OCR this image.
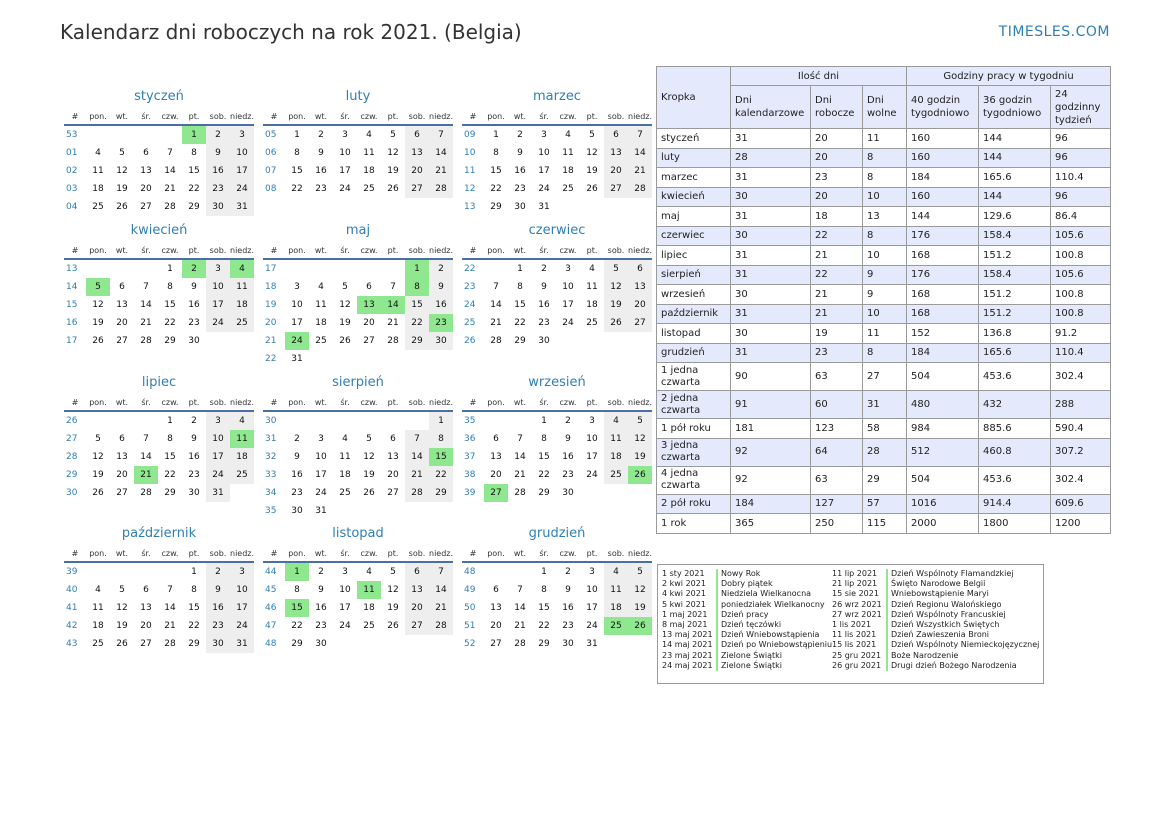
Kalendarz dni roboczych na rok 2021. (Belgia)	TIMESLES.COM
styczeń
#	pon.	wt.	śr.	czw.	pt.	sob.	niedz.
53					1	2	3
01	4	5	6	7	8	9	10
02	11	12	13	14	15	16	17
03	18	19	20	21	22	23	24
04	25	26	27	28	29	30	31
luty
#	pon.	wt.	śr.	czw.	pt.	sob.	niedz.
05	1	2	3	4	5	6	7
06	8	9	10	11	12	13	14
07	15	16	17	18	19	20	21
08	22	23	24	25	26	27	28
marzec
#	pon.	wt.	śr.	czw.	pt.	sob.	niedz.
09	1	2	3	4	5	6	7
10	8	9	10	11	12	13	14
11	15	16	17	18	19	20	21
12	22	23	24	25	26	27	28
13	29	30	31				
kwiecień
#	pon.	wt.	śr.	czw.	pt.	sob.	niedz.
13				1	2	3	4
14	5	6	7	8	9	10	11
15	12	13	14	15	16	17	18
16	19	20	21	22	23	24	25
17	26	27	28	29	30		
maj
#	pon.	wt.	śr.	czw.	pt.	sob.	niedz.
17						1	2
18	3	4	5	6	7	8	9
19	10	11	12	13	14	15	16
20	17	18	19	20	21	22	23
21	24	25	26	27	28	29	30
22	31						
czerwiec
#	pon.	wt.	śr.	czw.	pt.	sob.	niedz.
22		1	2	3	4	5	6
23	7	8	9	10	11	12	13
24	14	15	16	17	18	19	20
25	21	22	23	24	25	26	27
26	28	29	30				
lipiec
#	pon.	wt.	śr.	czw.	pt.	sob.	niedz.
26				1	2	3	4
27	5	6	7	8	9	10	11
28	12	13	14	15	16	17	18
29	19	20	21	22	23	24	25
30	26	27	28	29	30	31	
sierpień
#	pon.	wt.	śr.	czw.	pt.	sob.	niedz.
30							1
31	2	3	4	5	6	7	8
32	9	10	11	12	13	14	15
33	16	17	18	19	20	21	22
34	23	24	25	26	27	28	29
35	30	31					
wrzesień
#	pon.	wt.	śr.	czw.	pt.	sob.	niedz.
35			1	2	3	4	5
36	6	7	8	9	10	11	12
37	13	14	15	16	17	18	19
38	20	21	22	23	24	25	26
39	27	28	29	30			
październik
#	pon.	wt.	śr.	czw.	pt.	sob.	niedz.
39					1	2	3
40	4	5	6	7	8	9	10
41	11	12	13	14	15	16	17
42	18	19	20	21	22	23	24
43	25	26	27	28	29	30	31
listopad
#	pon.	wt.	śr.	czw.	pt.	sob.	niedz.
44	1	2	3	4	5	6	7
45	8	9	10	11	12	13	14
46	15	16	17	18	19	20	21
47	22	23	24	25	26	27	28
48	29	30					
grudzień
#	pon.	wt.	śr.	czw.	pt.	sob.	niedz.
48			1	2	3	4	5
49	6	7	8	9	10	11	12
50	13	14	15	16	17	18	19
51	20	21	22	23	24	25	26
52	27	28	29	30	31		
Kropka	Ilość dni			Godziny pracy w tygodniu		
	Dni kalendarzowe	Dni robocze	Dni wolne	40 godzin tygodniowo	36 godzin tygodniowo	24 godzinny tydzień
styczeń	31	20	11	160	144	96
luty	28	20	8	160	144	96
marzec	31	23	8	184	165.6	110.4
kwiecień	30	20	10	160	144	96
maj	31	18	13	144	129.6	86.4
czerwiec	30	22	8	176	158.4	105.6
lipiec	31	21	10	168	151.2	100.8
sierpień	31	22	9	176	158.4	105.6
wrzesień	30	21	9	168	151.2	100.8
październik	31	21	10	168	151.2	100.8
listopad	30	19	11	152	136.8	91.2
grudzień	31	23	8	184	165.6	110.4
1 jedna czwarta	90	63	27	504	453.6	302.4
2 jedna czwarta	91	60	31	480	432	288
1 pół roku	181	123	58	984	885.6	590.4
3 jedna czwarta	92	64	28	512	460.8	307.2
4 jedna czwarta	92	63	29	504	453.6	302.4
2 pół roku	184	127	57	1016	914.4	609.6
1 rok	365	250	115	2000	1800	1200
1 sty 2021 Nowy Rok
2 kwi 2021 Dobry piątek
4 kwi 2021 Niedziela Wielkanocna
5 kwi 2021 poniedziałek Wielkanocny
1 maj 2021 Dzień pracy
8 maj 2021 Dzień tęczówki
13 maj 2021 Dzień Wniebowstąpienia
14 maj 2021 Dzień po Wniebowstąpieniu
23 maj 2021 Zielone Świątki
24 maj 2021 Zielone Świątki
11 lip 2021 Dzień Wspólnoty Flamandzkiej
21 lip 2021 Święto Narodowe Belgii
15 sie 2021 Wniebowstąpienie Maryi
26 wrz 2021 Dzień Regionu Walońskiego
27 wrz 2021 Dzień Wspólnoty Francuskiej
1 lis 2021 Dzień Wszystkich Świętych
11 lis 2021 Dzień Zawieszenia Broni
15 lis 2021 Dzień Wspólnoty Niemieckojęzycznej
25 gru 2021 Boże Narodzenie
26 gru 2021 Drugi dzień Bożego Narodzenia
